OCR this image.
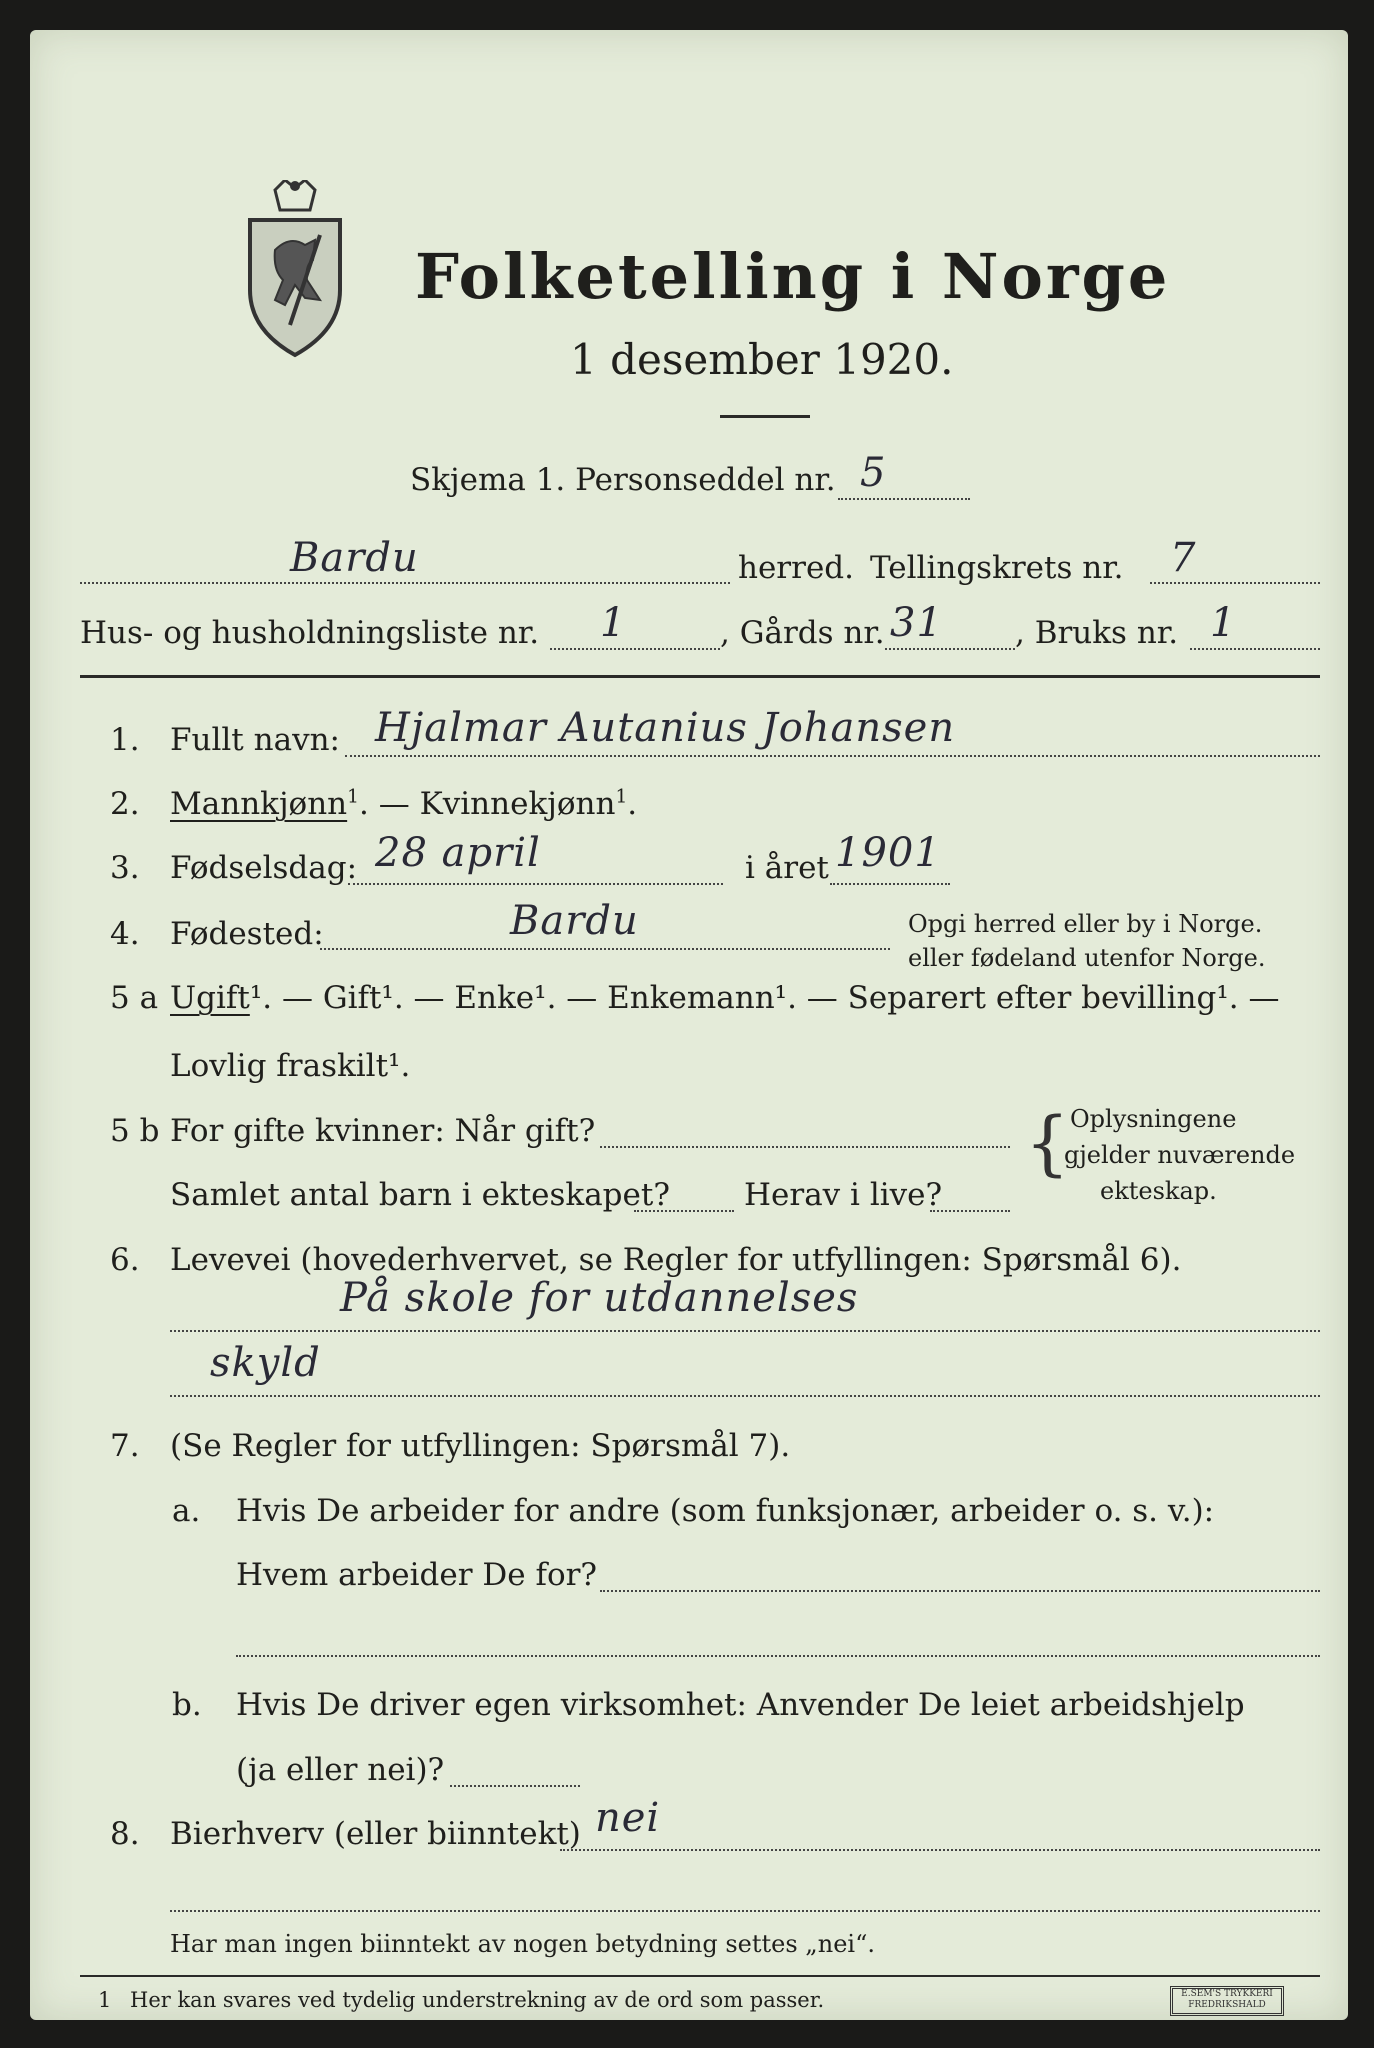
Folketelling i Norge
1 desember 1920.
Skjema 1. Personseddel nr. 5
Bardu	herred. Tellingskrets nr. 7
Hus- og husholdningsliste nr. 1	, Gårds nr. 31 , Bruks nr. 1
1. Fullt navn: Hjalmar Autanius Johansen
2. Mannkjønn$^1$. — Kvinnekjønn$^1$.
3. Fødselsdag: 28 april	i året 1901
4. Fødested:	Bardu	Opgi herred eller by i Norge.
eller fødeland utenfor Norge.
5 a Ugift¹. — Gift¹. — Enke¹. — Enkemann¹. — Separert efter bevilling¹. —
Lovlig fraskilt¹.
5 b For gifte kvinner: Når gift?
Samlet antal barn i ekteskapet? Herav i live?
{ Oplysningene
gjelder nuværende
ekteskap.
6. Levevei (hovederhvervet, se Regler for utfyllingen: Spørsmål 6).
På skole for utdannelses
skyld
7. (Se Regler for utfyllingen: Spørsmål 7).
a. Hvis De arbeider for andre (som funksjonær, arbeider o. s. v.):
Hvem arbeider De for?
b. Hvis De driver egen virksomhet: Anvender De leiet arbeidshjelp
(ja eller nei)?
8. Bierhverv (eller biinntekt) nei
Har man ingen biinntekt av nogen betydning settes „nei“.
1 Her kan svares ved tydelig understrekning av de ord som passer.	E.SEM'S TRYKKERI
FREDRIKSHALD
